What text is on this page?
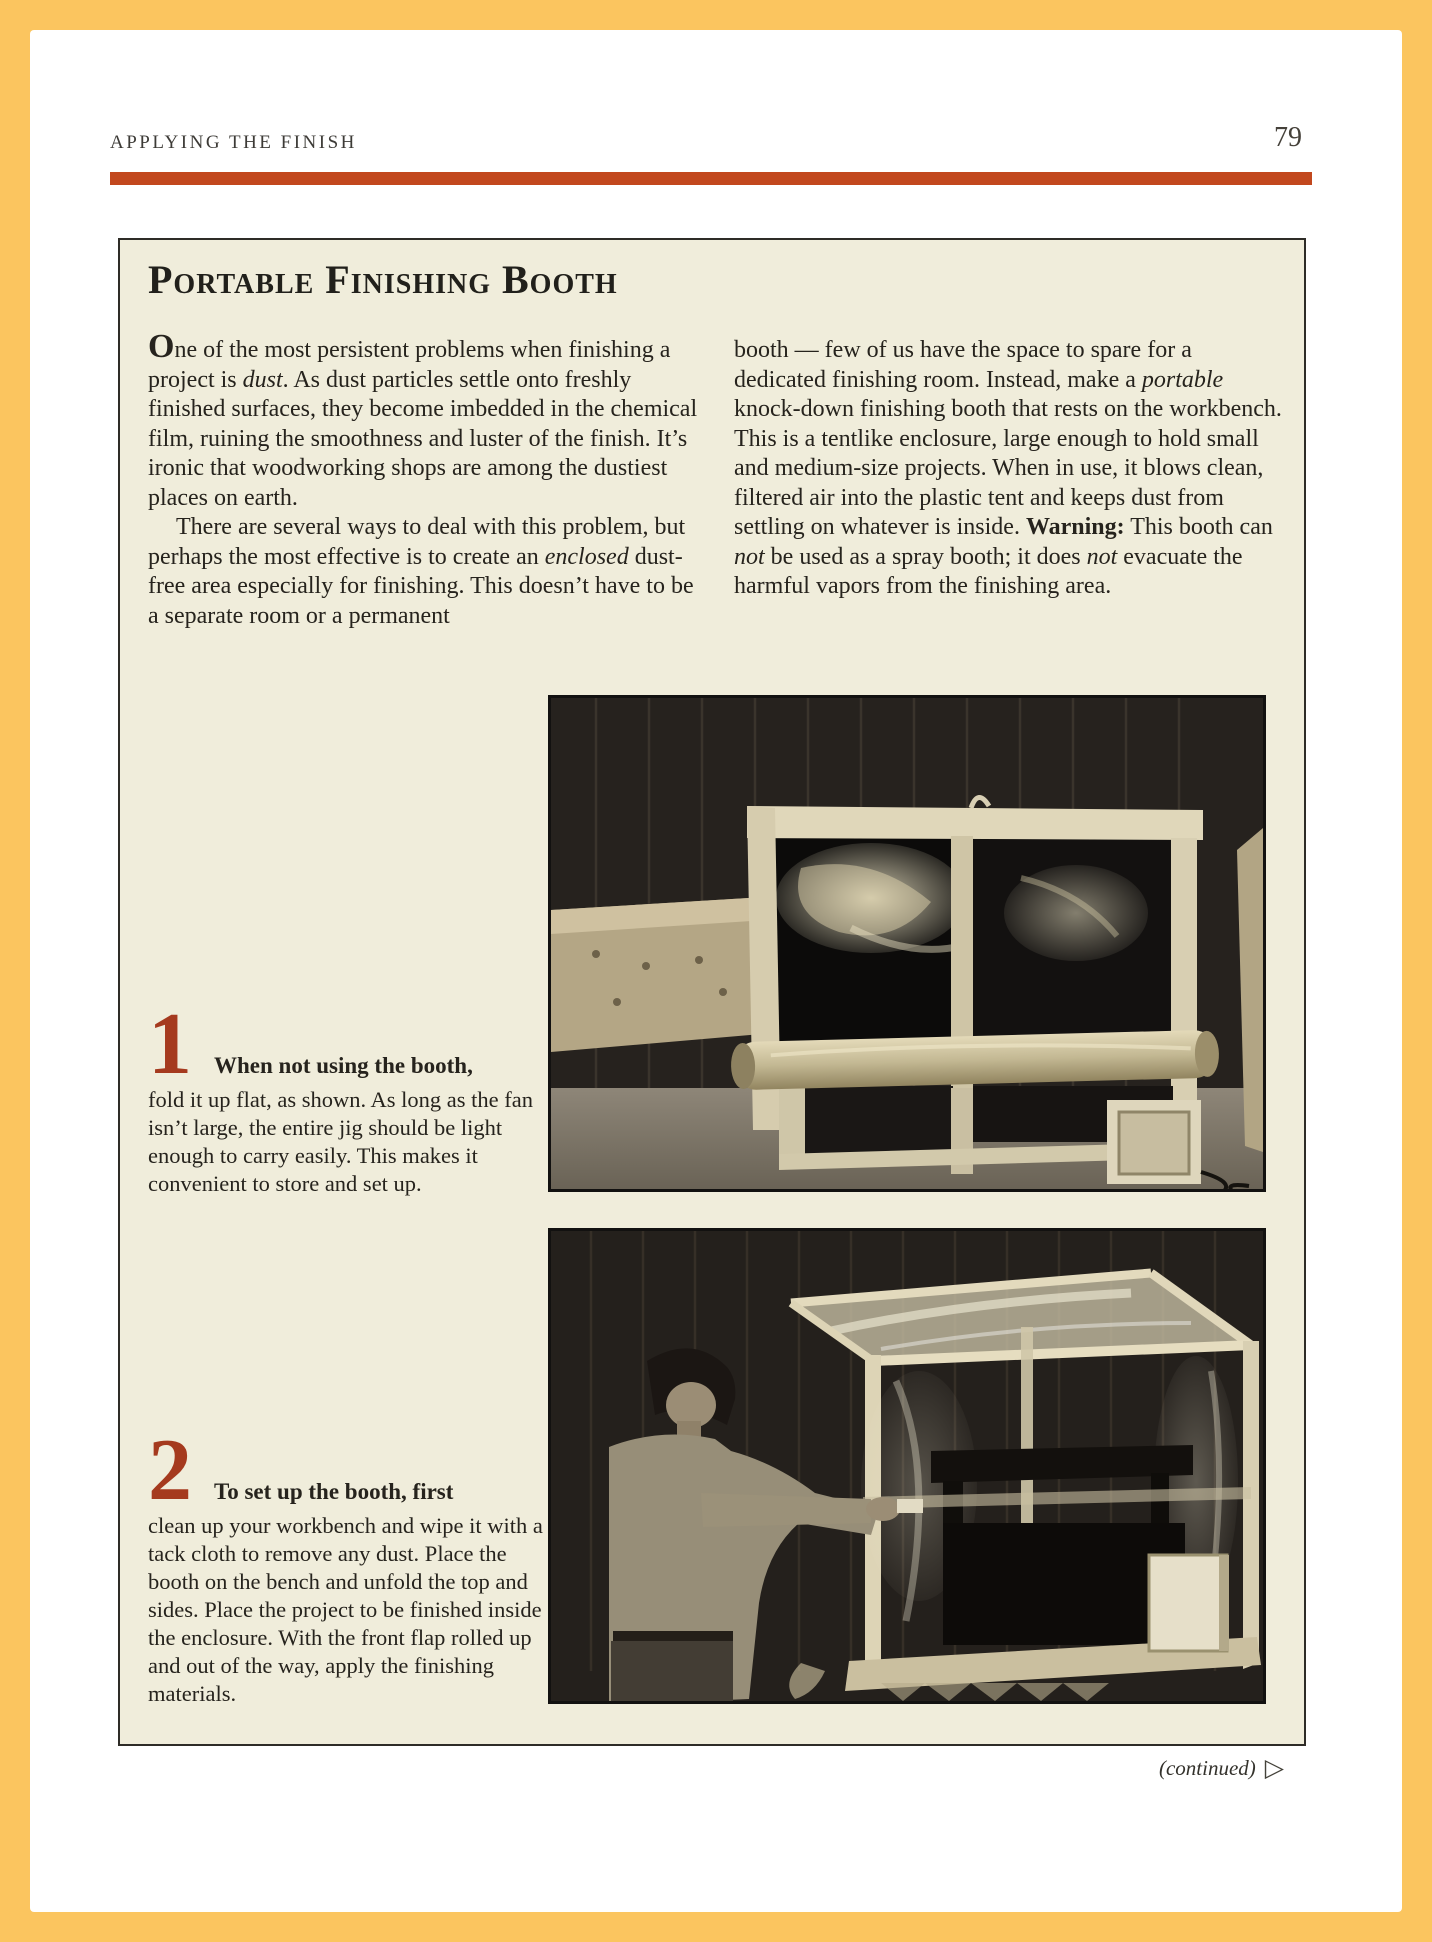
APPLYING THE FINISH	79
Portable Finishing Booth

One of the most persistent problems when finishing a project is dust. As dust particles settle onto freshly finished surfaces, they become imbedded in the chemical film, ruining the smoothness and luster of the finish. It’s ironic that woodworking shops are among the dustiest places on earth.

There are several ways to deal with this problem, but perhaps the most effective is to create an enclosed dust-free area especially for finishing. This doesn’t have to be a separate room or a permanent

booth — few of us have the space to spare for a dedicated finishing room. Instead, make a portable knock-down finishing booth that rests on the workbench. This is a tentlike enclosure, large enough to hold small and medium-size projects. When in use, it blows clean, filtered air into the plastic tent and keeps dust from settling on whatever is inside. Warning: This booth can not be used as a spray booth; it does not evacuate the harmful vapors from the finishing area.

1 When not using the booth,

fold it up flat, as shown. As long as the fan isn’t large, the entire jig should be light enough to carry easily. This makes it convenient to store and set up.

2 To set up the booth, first

clean up your workbench and wipe it with a tack cloth to remove any dust. Place the booth on the bench and unfold the top and sides. Place the project to be finished inside the enclosure. With the front flap rolled up and out of the way, apply the finishing materials.

(continued) ▷
